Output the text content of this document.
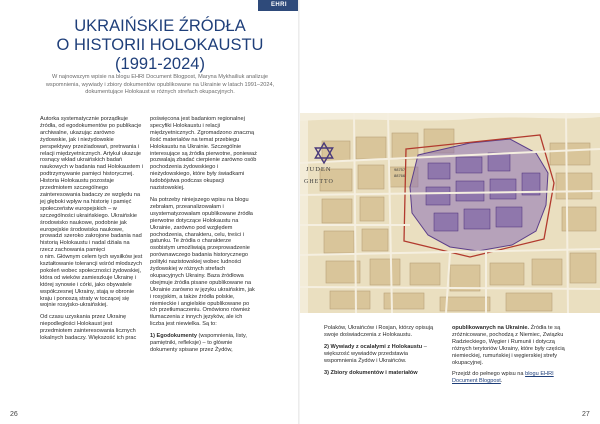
EHRI
UKRAIŃSKIE ŹRÓDŁA
O HISTORII HOLOKAUSTU
(1991-2024)
W najnowszym wpisie na blogu EHRI Document Blogpost, Maryna Mykhailiuk analizuje wspomnienia, wywiady i zbiory dokumentów opublikowane na Ukrainie w latach 1991–2024, dokumentujące Holokaust w różnych strefach okupacyjnych.

Autorka systematycznie porządkuje źródła, od egodokumentów po publikacje archiwalne, ukazując zarówno żydowskie, jak i nieżydowskie perspektywy przeżiadowań, pretrwania i relacji międzyetnicznych. Artykuł ukazuje rosnący wkład ukraińskich badań naukowych w badania nad Holokaustem i podtrzymywanie pamięci historycznej.

Historia Holokaustu pozostaje przedmiotem szczególnego zainteresowania badaczy ze względu na jej głęboki wpływ na historię i pamięć społeczeństw europejskich – w szczególności ukraińskiego. Ukraińskie środowisko naukowe, podobnie jak europejskie środowiska naukowe, prowadzi szeroko zakrojone badania nad historią Holokaustu i nadal dźiała na rzecz zachowania pamięci

o nim. Głównym celem tych wysiłków jest kształtowanie tolerancji wśród młodszych pokoleń wobec społeczności żydowskiej, która od wieków zamieszkuje Ukrainę i której synowie i córki, jako obywatele współczesnej Ukrainy, stają w obronie kraju i ponoszą straty w toczącej się wojnie rosyjsko-ukraińskiej.

Od czasu uzyskania przez Ukrainę niepodległości Holokaust jest przedmiotem zainteresowania licznych lokalnych badaczy. Większość ich prac

poświęcona jest badaniom regionalnej specyfiki Holokaustu i relacji międzyetnicznych. Zgromadzono znaczną ilość materiałów na temat przebiegu Holokaustu na Ukrainie. Szczególnie interesujące są źródła pierwotne, ponieważ pozwalają zbadać cierpienie zarówno osób pochodzenia żydowskiego i nieżydowskiego, które były świadkami ludobójstwa podczas okupacji nazistowskiej.

Na potrzeby niniejszego wpisu na blogu zebrałam, przeanalizowałam i usystematyzowałam opublikowane źródła pierwotne dotyczące Holokaustu na Ukrainie, zarówno pod względem pochodzenia, charakteru, celu, treści i gatunku. Te źródła o charakterze osobistym umożliwiają przeprowadzenie porównawczego badania historycznego polityki nazistowskiej wobec ludności żydowskiej w różnych strefach okupacyjnych Ukrainy. Baza źródłowa obejmuje źródła pisane opublikowane na Ukrainie zarówno w języku ukraińskim, jak i rosyjskim, a także źródła polskie, niemieckie i angielskie opublikowane po ich przetłumaczeniu. Omówiono również tłumaczenia z innych języków, ale ich liczba jest niewielka. Są to:

1) Egodokumenty (wspomnienia, listy, pamiętniki, refleksje) – to głównie dokumenty spisane przez Żydów,

26
JUDEN
GHETTO
98757
88766

Polaków, Ukraińców i Rosjan, którzy opisują swoje doświadczenia z Holokaustu.

2) Wywiady z ocalałymi z Holokaustu – większość wywiadów przedstawia wspomnienia Żydów i Ukraińców.

3) Zbiory dokumentów i materiałów

opublikowanych na Ukrainie. Źródła te są zróżnicowane, pochodzą z Niemiec, Związku Radzieckiego, Węgier i Rumunii i dotyczą różnych terytoriów Ukrainy, które były częścią niemieckiej, rumuńskiej i węgierskiej strefy okupacyjnej.

Przejdź do pełnego wpisu na blogu EHRI Document Blogpost.

27
